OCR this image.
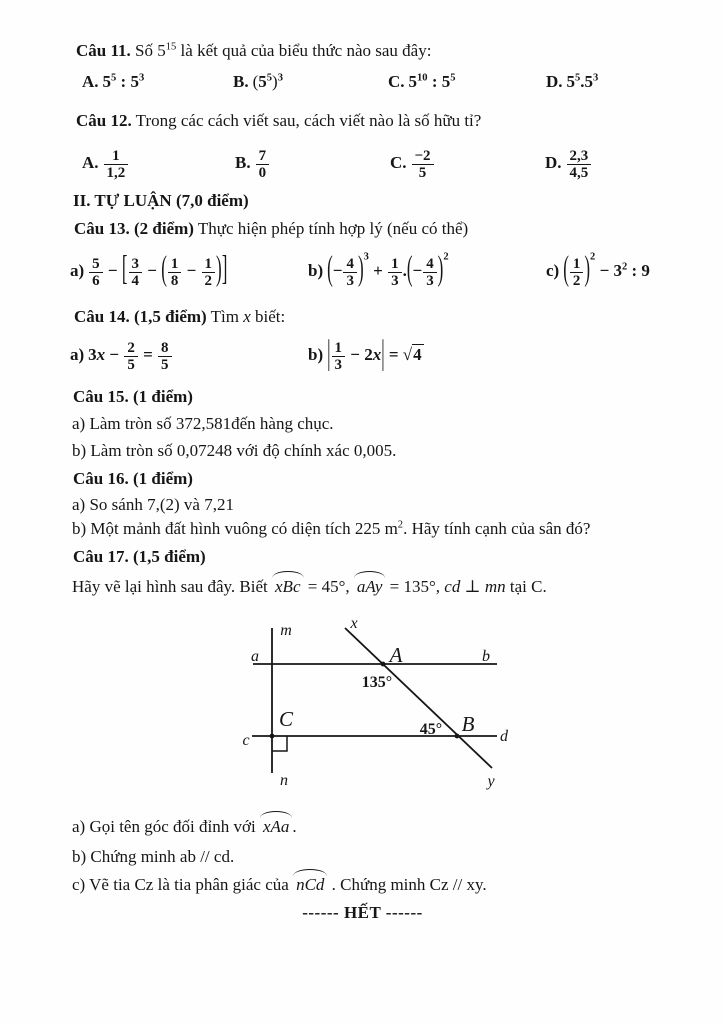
Câu 11. Số $5^{15}$ là kết quả của biểu thức nào sau đây:
A. $5^5$ : $5^3$	B. $(5^5)^3$	C. $5^{10}$ : $5^5$	D. $5^5.5^3$
Câu 12. Trong các cách viết sau, cách viết nào là số hữu tỉ?
A. $\frac{1}{1,2}$	B. $\frac{7}{0}$	C. $\frac{-2}{5}$	D. $\frac{2,3}{4,5}$
II. TỰ LUẬN (7,0 điểm)
Câu 13. (2 điểm) Thực hiện phép tính hợp lý (nếu có thể)
$a) \frac{5}{6}$ − [ $\frac{3}{4}$ − ( $\frac{1}{8} - \frac{1}{2}$ )]	b) (− $\frac{4}{3} )^3 + \frac{1}{3}$ .(− $\frac{4}{3} )^2$
c) ( $\frac{1}{2} )^2 - 3^2$ : 9
Câu 14. (1,5 điểm) Tìm x biết:
a) $3x - \frac{2}{5} = \frac{8}{5}$	b) | $\frac{1}{3} - 2x| = √4$
Câu 15. (1 điểm)
a) Làm tròn số 372,581đến hàng chục.
b) Làm tròn số 0,07248 với độ chính xác 0,005.
Câu 16. (1 điểm)
a) So sánh 7,(2) và 7,21
b) Một mảnh đất hình vuông có diện tích 225 $m^2$. Hãy tính cạnh của sân đó?
Câu 17. (1,5 điểm)
Hãy vẽ lại hình sau đây. Biết xBc = 45°, aAy = 135°, cd ⊥ mn tại C.
m	x
a	b
c	d
n	y
A
B
C
135°
45°
a) Gọi tên góc đối đỉnh với xAa .
b) Chứng minh ab // cd.
c) Vẽ tia Cz là tia phân giác của nCd . Chứng minh Cz // xy.
------ HẾT ------
